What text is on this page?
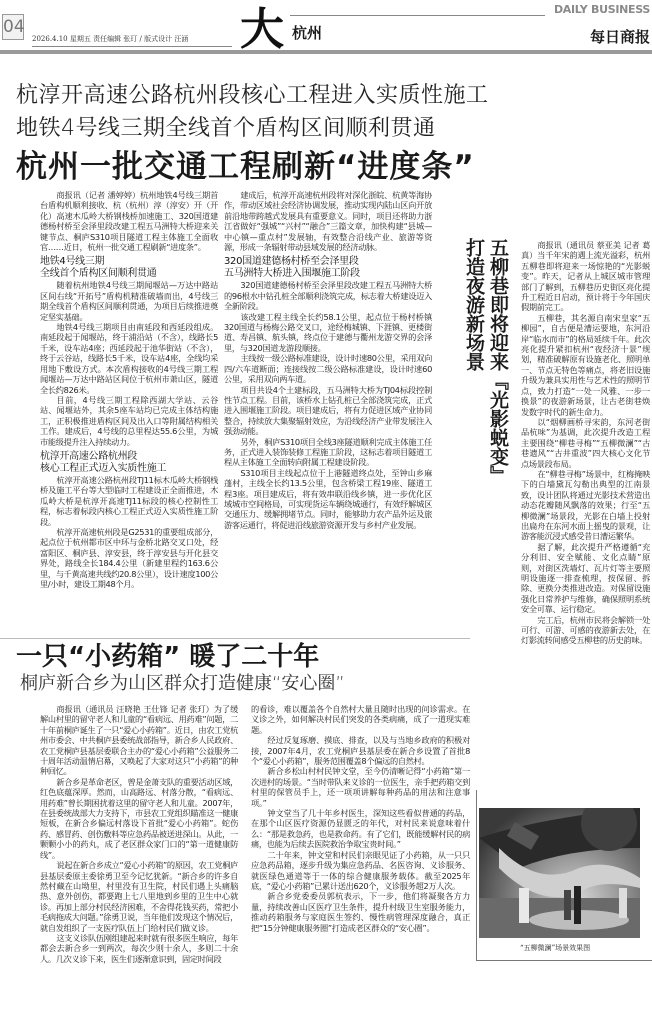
04
2026.4.10 星期五 责任编辑 张玎 / 版式设计 汪涵 大 杭州
DAILY BUSINESS
每日商报
杭淳开高速公路杭州段核心工程进入实质性施工
地铁4号线三期全线首个盾构区间顺利贯通
杭州一批交通工程刷新“进度条”

商报讯（记者 潘婷婷）杭州地铁4号线三期首台盾构机顺利接收、杭（杭州）淳（淳安）开（开化）高速木瓜岭大桥钢栈桥加速施工、320国道建德杨村桥至会泽里段改建工程五马洲特大桥迎来关键节点、桐庐S310项目隧道工程主体施工全面收官……近日，杭州一批交通工程刷新“进度条”。

地铁4号线三期
全线首个盾构区间顺利贯通

随着杭州地铁4号线三期闻堰站—万达中路站区间右线“开拓号”盾构机精准破墙而出，4号线三期全线首个盾构区间顺利贯通，为项目后续推进奠定坚实基础。

地铁4号线三期项目由南延段和西延段组成。南延段起于闻堰站，终于浦沿站（不含），线路长5千米，设车站4座；西延段起于池华街站（不含），终于云谷站，线路长5千米，设车站4座，全线均采用地下敷设方式。本次盾构接收的4号线三期工程闻堰站—万达中路站区间位于杭州市萧山区，隧道全长约826米。

目前，4号线三期工程除西湖大学站、云谷站、闻堰站外，其余5座车站均已完成主体结构施工，正积极推进盾构区间及出入口等附属结构相关工作。建成后，4号线的总里程达55.6公里，为城市能级提升注入持续动力。

杭淳开高速公路杭州段
核心工程正式迈入实质性施工

杭淳开高速公路杭州段TJ11标木瓜岭大桥钢栈桥及施工平台等大型临时工程建设正全面推进，木瓜岭大桥是杭淳开高速TJ11标段的核心控制性工程，标志着标段内核心工程正式迈入实质性施工阶段。

杭淳开高速杭州段是G2531的重要组成部分，起点位于杭州都市区中环与金桥北路交叉口处，经富阳区、桐庐县、淳安县，终于淳安县与开化县交界处，路线全长184.4公里（新建里程约163.6公里，与千黄高速共线约20.8公里），设计速度100公里/小时，建设工期48个月。

建成后，杭淳开高速杭州段将对深化浙皖、杭黄等海协作，带动区域社会经济协调发展，推动实现内陆山区向开放前沿地带跨越式发展具有重要意义。同时，项目还将助力浙江省做好“强城”“兴村”“融合”三篇文章，加快构建“县城—中心镇—重点村”发展轴，有效整合沿线产业、旅游等资源，形成一条辐射带动县域发展的经济动脉。

320国道建德杨村桥至会泽里段
五马洲特大桥进入围堰施工阶段

320国道建德杨村桥至会泽里段改建工程五马洲特大桥的96根水中钻孔桩全部顺利浇筑完成，标志着大桥建设迈入全新阶段。

该改建工程主线全长约58.1公里，起点位于杨村桥镇320国道与杨梅公路交叉口，途经梅城镇、下涯镇、更楼街道、寿昌镇、航头镇，终点位于建德与衢州龙游交界的会泽里，与320国道龙游段顺接。

主线按一级公路标准建设，设计时速80公里，采用双向四/六车道断面；连接线按二级公路标准建设，设计时速60公里，采用双向两车道。

项目共设4个土建标段，五马洲特大桥为TJ04标段控制性节点工程。目前，该桥水上钻孔桩已全部浇筑完成，正式进入围堰施工阶段。项目建成后，将有力促进区域产业协同整合，持续放大集聚辐射效应，为沿线经济产业带发展注入强劲动能。

另外，桐庐S310项目全线3座隧道顺利完成主体施工任务，正式进入装饰装修工程施工阶段，这标志着项目隧道工程从主体施工全面转向附属工程建设阶段。

S310项目主线起点位于上港隧道终点处，至钟山乡麻蓬村，主线全长约13.5公里，包含桥梁工程19座、隧道工程3座。项目建成后，将有效串联沿线乡镇，进一步优化区域城市空间格局，可实现货运车辆绕城通行，有效纾解城区交通压力、缓解拥堵节点。同时，能够助力农产品外运及旅游客运通行，将促进沿线旅游资源开发与乡村产业发展。

五柳巷即将迎来『光影蜕变』
打造夜游新场景	商报讯（通讯员 蔡亚美 记者 葛真）当千年宋韵遇上流光溢彩，杭州五柳巷即将迎来一场惊艳的“光影蜕变”。昨天，记者从上城区城市管理部门了解到，五柳巷历史街区亮化提升工程近日启动，预计将于今年国庆假期前完工。

五柳巷，其名源自南宋皇家“五柳园”，自古便是漕运要地，东河沿岸“临水而市”的格局延续千年。此次亮化提升紧扣杭州“夜经济十景”规划，精准破解原有设施老化、照明单一、节点无特色等痛点，将老旧设施升级为兼具实用性与艺术性的照明节点，致力打造“一处一风雅、一步一换景”的夜游新场景，让古老街巷焕发数字时代的新生命力。

以“烟柳画桥寻宋韵，东河老街品杭味”为基调，此次提升改造工程主要围绕“柳巷寻梅”“五柳微澜”“古巷遗风”“古井重波”四大核心文化节点场景段布局。

在“柳巷寻梅”场景中，红梅掩映下的白墙黛瓦勾勒出典型的江南景致，设计团队将通过光影技术营造出动态花瓣随风飘落的效果；行至“五柳微澜”场景段，光影在白墙上投射出扁舟在东河水面上摇曳的景观，让游客能沉浸式感受昔日漕运繁华。

据了解，此次提升严格遵循“充分利旧、安全赋能、文化点睛”原则，对街区洗墙灯、瓦片灯等主要照明设施逐一排查梳理，按保留、拆除、更换分类推进改造。对保留设施强化日常养护与维修，确保照明系统安全可靠、运行稳定。

完工后，杭州市民将会解锁一处可行、可游、可感的夜游新去处，在灯影流转间感受五柳巷的历史韵味。

“五柳微澜”场景效果图
一只“小药箱” 暖了二十年
桐庐新合乡为山区群众打造健康“安心圈”

商报讯（通讯员 汪晓艳 王仕锋 记者 张玎）为了缓解山村里的留守老人和儿童的“看病远、用药难”问题，二十年前桐庐诞生了一只“爱心小药箱”。近日，由农工党杭州市委会、中共桐庐县委统战部指导，新合乡人民政府、农工党桐庐县基层委联合主办的“爱心小药箱”公益服务二十周年活动温情启幕，又唤起了大家对这只“小药箱”的种种回忆。

新合乡是革命老区，曾是金萧支队的重要活动区域，红色底蕴深厚。然而，山高路远、村落分散，“看病远、用药难”曾长期困扰着这里的留守老人和儿童。2007年，在县委统战部大力支持下，市县农工党组织瞄准这一健康短板，在新合乡偏远村落设下首批“爱心小药箱”。蛇伤药、感冒药、创伤敷料等应急药品被送进深山。从此，一颗颗小小的药丸，成了老区群众家门口的“第一道健康防线”。

说起在新合乡成立“爱心小药箱”的原因，农工党桐庐县基层委原主委徐勇卫至今记忆犹新。“新合乡的许多自然村藏在山坳里，村里没有卫生院，村民们遇上头痛脑热、意外创伤，都要跑上七八里地到乡里的卫生中心就诊。再加上部分村民经济困难，不舍得花钱买药，常把小毛病拖成大问题。”徐勇卫说，当年他们发现这个情况后，就自发组织了一支医疗队伍上门给村民们做义诊。

这支义诊队伍刚组建起来时就有很多医生响应，每年都会去新合乡一到两次，每次少则十余人，多则二十余人。几次义诊下来，医生们逐渐意识到，固定时间段

的看诊，难以覆盖各个自然村大量且随时出现的问诊需求。在义诊之外，如何解决村民们突发的各类病痛，成了一道现实难题。

经过反复琢磨、摸底、排查，以及与当地乡政府的积极对接，2007年4月，农工党桐庐县基层委在新合乡设置了首批8个“爱心小药箱”，服务范围覆盖8个偏远的自然村。

新合乡松山村村民钟文堂，至今仍清晰记得“小药箱”第一次进村的场景。“当时带队来义诊的一位医生，亲手把药箱交到村里的保管员手上，还一项项讲解每种药品的用法和注意事项。”

钟文堂当了几十年乡村医生，深知这些看似普通的药品，在那个山区医疗资源仍显匮乏的年代，对村民来说意味着什么：“那是救急药，也是救命药。有了它们，既能缓解村民的病痛，也能为后续去医院救治争取宝贵时间。”

二十年来，钟文堂和村民们亲眼见证了小药箱，从一只只应急药品箱，逐步升级为集应急药品、名医咨询、义诊服务、就医绿色通道等于一体的综合健康服务载体。截至2025年底，“爱心小药箱”已累计送出620个，义诊服务超2万人次。

新合乡党委委员郭杭表示，下一步，他们将凝聚各方力量，持续改善山区医疗卫生条件，提升村级卫生室服务能力，推动药箱服务与家庭医生签约、慢性病管理深度融合，真正把“15分钟健康服务圈”打造成老区群众的“安心圈”。
